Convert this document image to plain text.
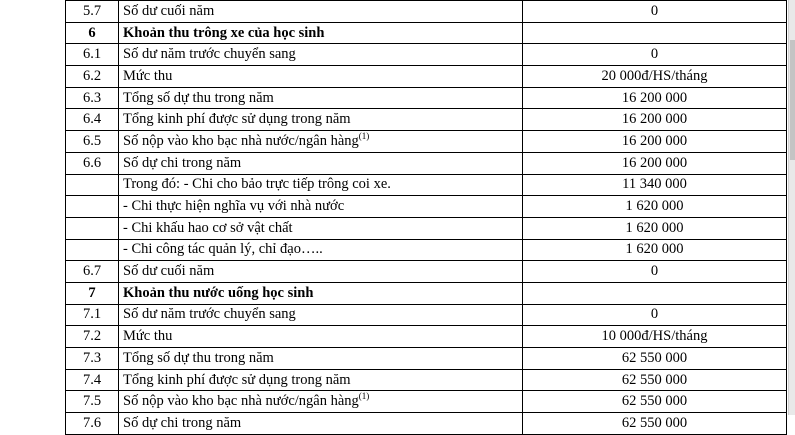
5.7	Số dư cuối năm	0
6	Khoản thu trông xe của học sinh	
6.1	Số dư năm trước chuyển sang	0
6.2	Mức thu	20 000đ/HS/tháng
6.3	Tổng số dự thu trong năm	16 200 000
6.4	Tổng kinh phí được sử dụng trong năm	16 200 000
6.5	Số nộp vào kho bạc nhà nước/ngân hàng$^{(1)}$	16 200 000
6.6	Số dự chi trong năm	16 200 000
	Trong đó: - Chi cho bảo trực tiếp trông coi xe.	11 340 000
	- Chi thực hiện nghĩa vụ với nhà nước	1 620 000
	- Chi khấu hao cơ sở vật chất	1 620 000
	- Chi công tác quản lý, chỉ đạo…..	1 620 000
6.7	Số dư cuối năm	0
7	Khoản thu nước uống học sinh	
7.1	Số dư năm trước chuyển sang	0
7.2	Mức thu	10 000đ/HS/tháng
7.3	Tổng số dự thu trong năm	62 550 000
7.4	Tổng kinh phí được sử dụng trong năm	62 550 000
7.5	Số nộp vào kho bạc nhà nước/ngân hàng$^{(1)}$	62 550 000
7.6	Số dự chi trong năm	62 550 000
